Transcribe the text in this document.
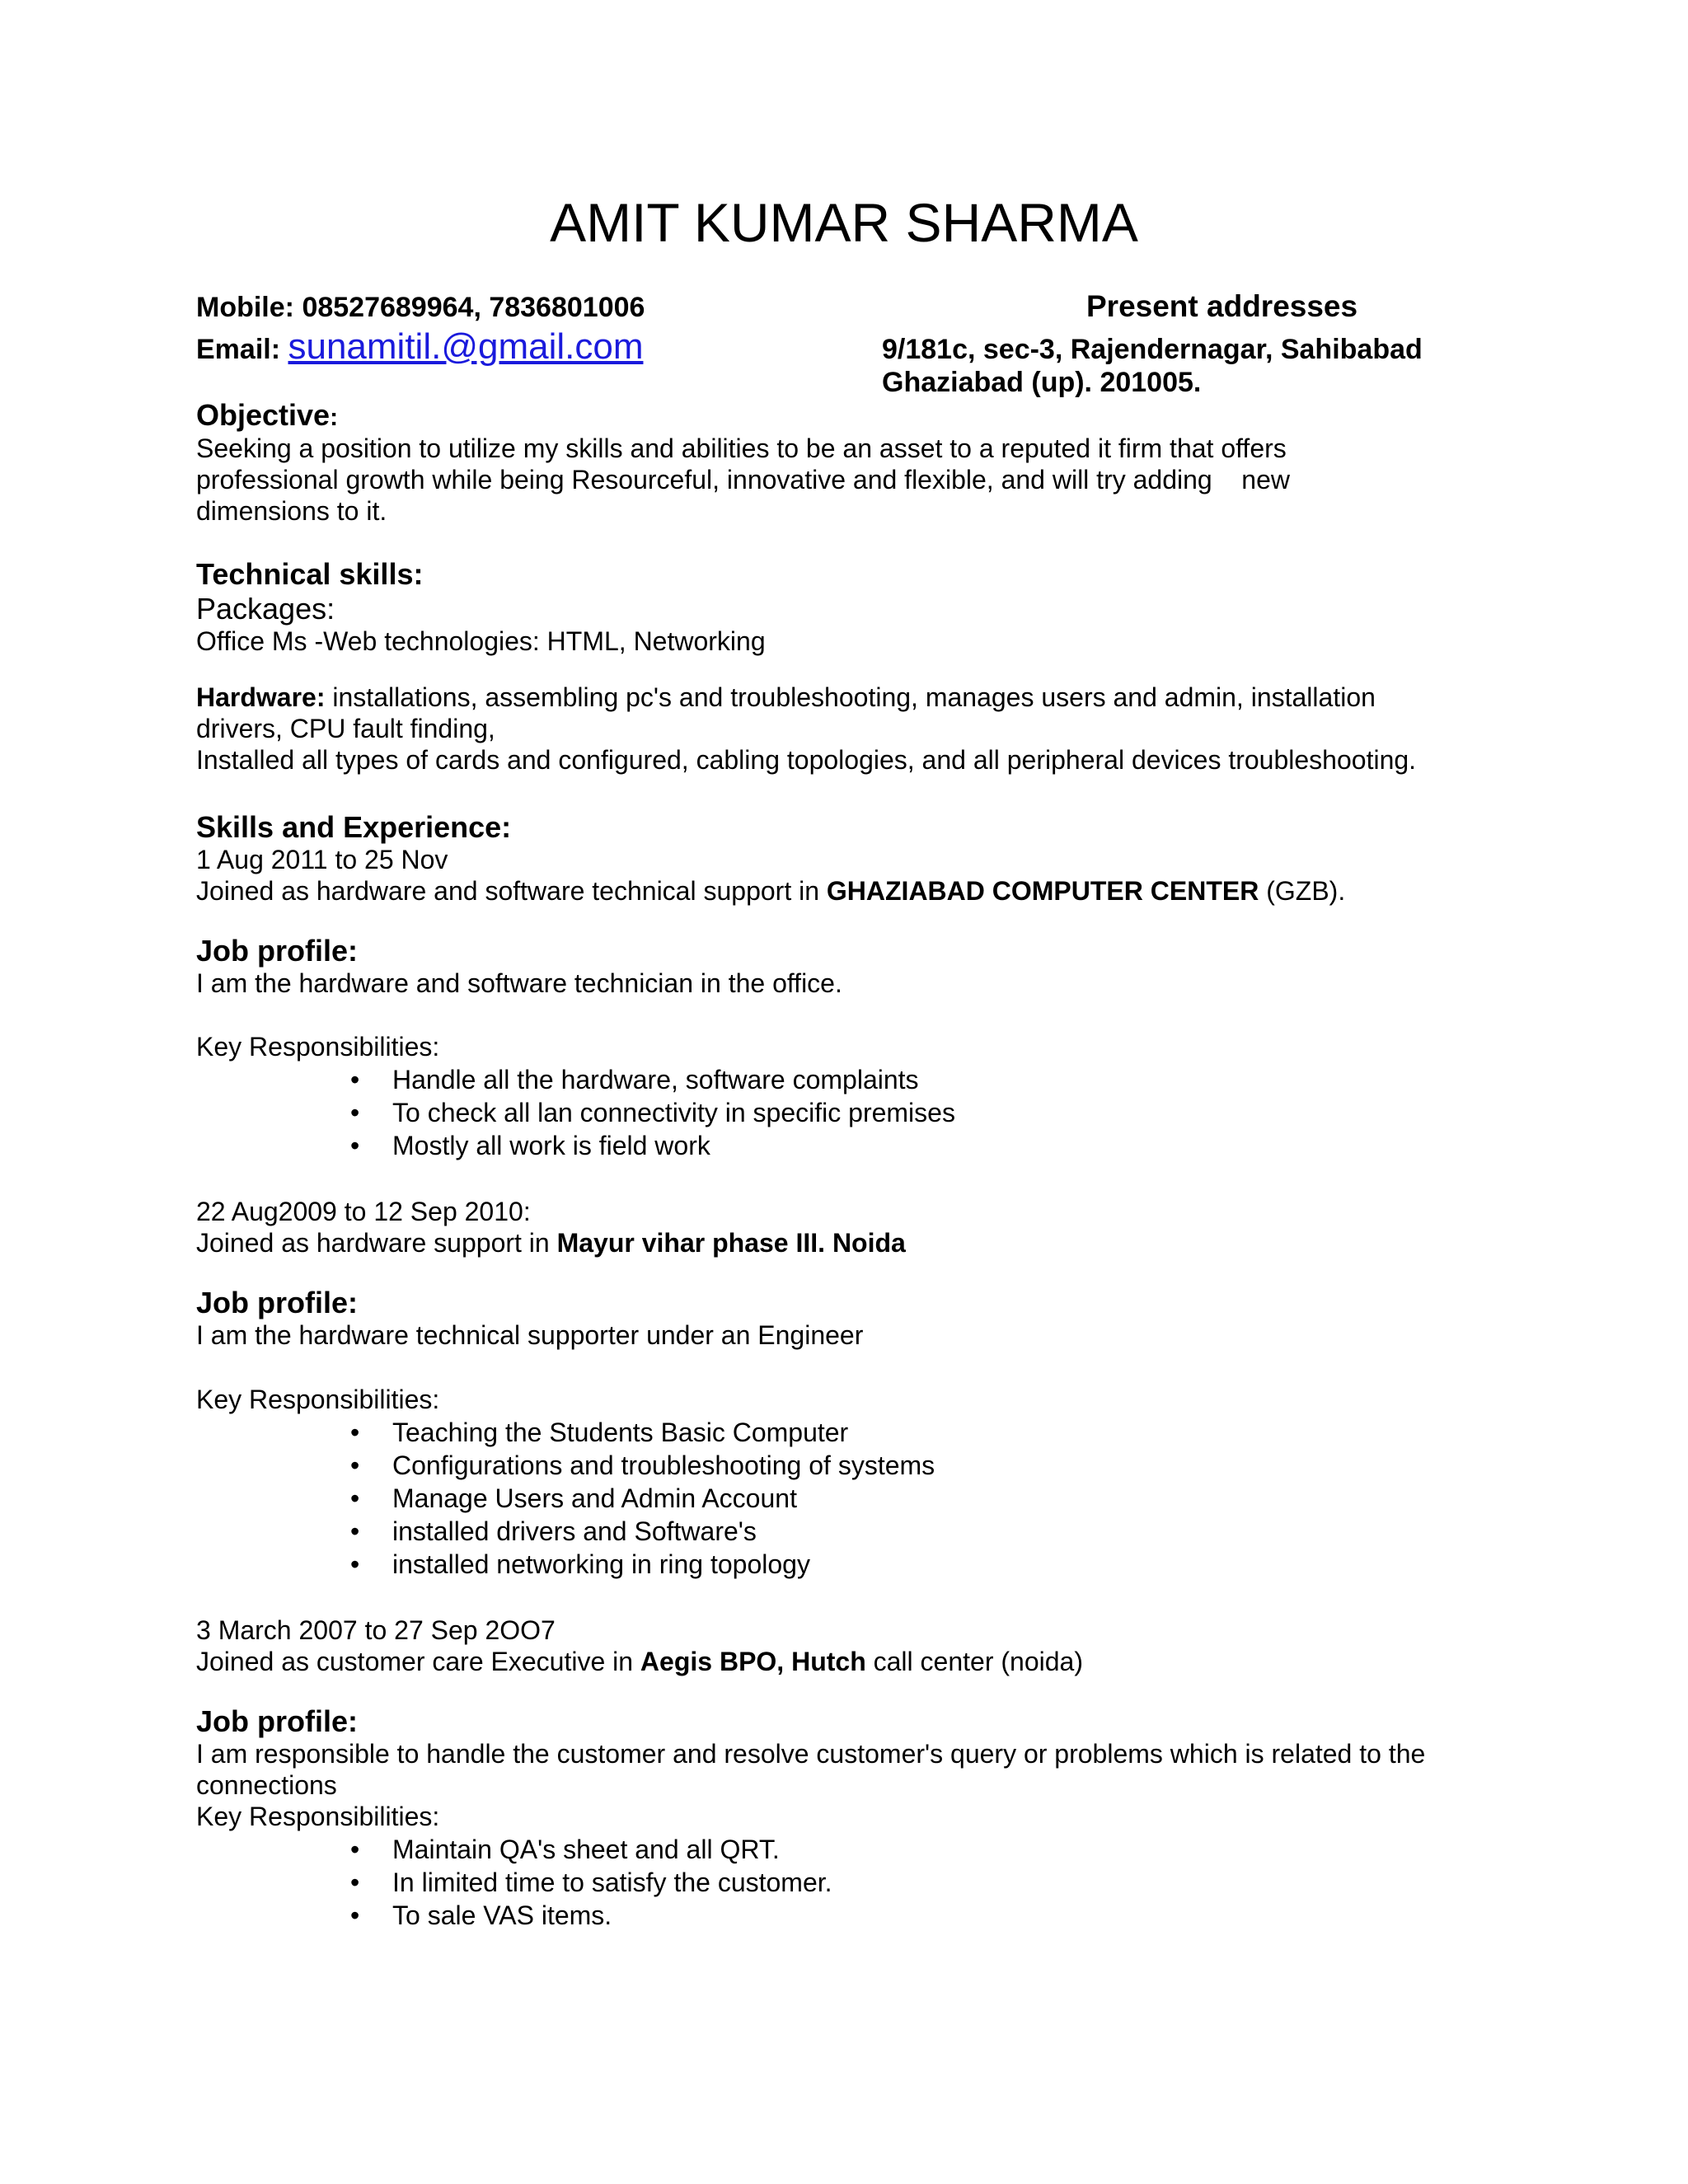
AMIT KUMAR SHARMA
Mobile: 08527689964, 7836801006
Email: sunamitil.@gmail.com
Present addresses
9/181c, sec-3, Rajendernagar, Sahibabad
Ghaziabad (up). 201005.
Objective:
Seeking a position to utilize my skills and abilities to be an asset to a reputed it firm that offers
professional growth while being Resourceful, innovative and flexible, and will try adding    new
dimensions to it.
Technical skills:
Packages:
Office Ms -Web technologies: HTML, Networking
Hardware: installations, assembling pc's and troubleshooting, manages users and admin, installation
drivers, CPU fault finding,
Installed all types of cards and configured, cabling topologies, and all peripheral devices troubleshooting.
Skills and Experience:
1 Aug 2011 to 25 Nov
Joined as hardware and software technical support in GHAZIABAD COMPUTER CENTER (GZB).
Job profile:
I am the hardware and software technician in the office.
Key Responsibilities:
• Handle all the hardware, software complaints
• To check all lan connectivity in specific premises
• Mostly all work is field work
22 Aug2009 to 12 Sep 2010:
Joined as hardware support in Mayur vihar phase III. Noida
Job profile:
I am the hardware technical supporter under an Engineer
Key Responsibilities:
• Teaching the Students Basic Computer
• Configurations and troubleshooting of systems
• Manage Users and Admin Account
• installed drivers and Software's
• installed networking in ring topology
3 March 2007 to 27 Sep 2OO7
Joined as customer care Executive in Aegis BPO, Hutch call center (noida)
Job profile:
I am responsible to handle the customer and resolve customer's query or problems which is related to the
connections
Key Responsibilities:
• Maintain QA's sheet and all QRT.
• In limited time to satisfy the customer.
• To sale VAS items.
